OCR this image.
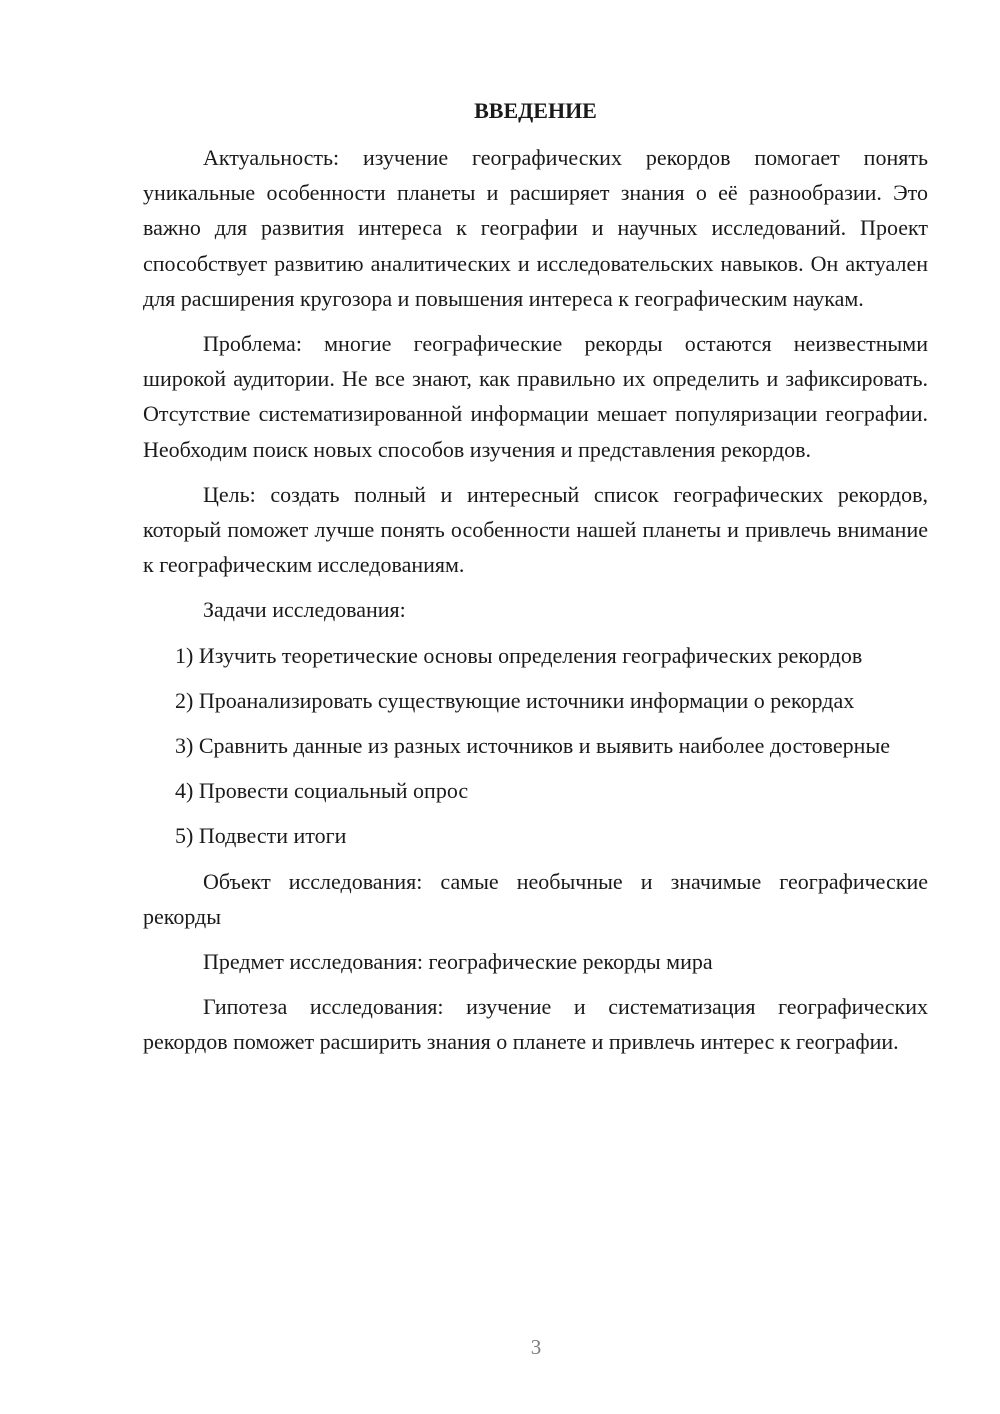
ВВЕДЕНИЕ

Актуальность: изучение географических рекордов помогает понять уникальные особенности планеты и расширяет знания о её разнообразии. Это важно для развития интереса к географии и научных исследований. Проект способствует развитию аналитических и исследовательских навыков. Он актуален для расширения кругозора и повышения интереса к географическим наукам.

Проблема: многие географические рекорды остаются неизвестными широкой аудитории. Не все знают, как правильно их определить и зафиксировать. Отсутствие систематизированной информации мешает популяризации географии. Необходим поиск новых способов изучения и представления рекордов.

Цель: создать полный и интересный список географических рекордов, который поможет лучше понять особенности нашей планеты и привлечь внимание к географическим исследованиям.

Задачи исследования:

1) Изучить теоретические основы определения географических рекордов

2) Проанализировать существующие источники информации о рекордах

3) Сравнить данные из разных источников и выявить наиболее достоверные

4) Провести социальный опрос

5) Подвести итоги

Объект исследования: самые необычные и значимые географические рекорды

Предмет исследования: географические рекорды мира

Гипотеза исследования: изучение и систематизация географических рекордов поможет расширить знания о планете и привлечь интерес к географии.

3
